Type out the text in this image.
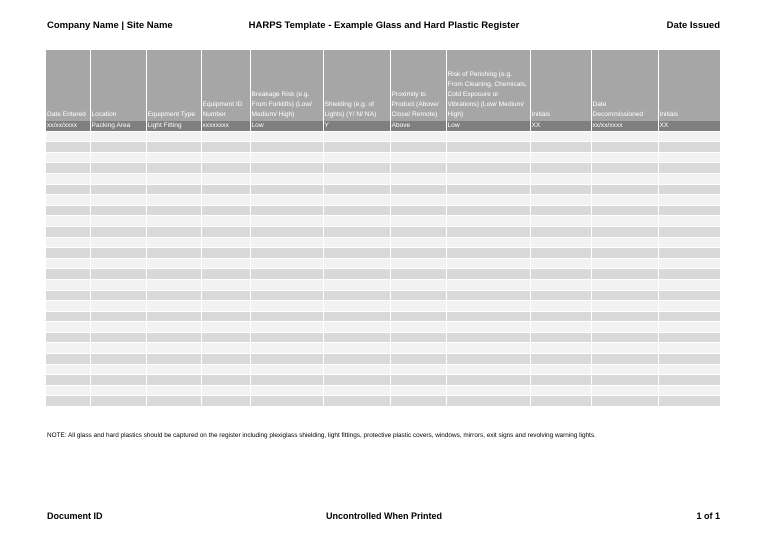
Company Name | Site Name	HARPS Template - Example Glass and Hard Plastic Register	Date Issued
Date Entered	Location	Equipment Type	Equipment ID Number	Breakage Risk (e.g. From Forklifts) (Low/ Medium/ High)	Shielding (e.g. of Lights) (Y/ N/ NA)	Proximity to Product (Above/ Close/ Remote)	Risk of Perishing (e.g. From Cleaning, Chemicals, Cold Exposure or Vibrations) (Low/ Medium/ High)	Initials	Date Decommissioned	Initials
xx/xx/xxxx	Packing Area	Light Fitting	xxxxxxxx	Low	Y	Above	Low	XX	xx/xx/xxxx	XX

NOTE: All glass and hard plastics should be captured on the register including plexiglass shielding, light fittings, protective plastic covers, windows, mirrors, exit signs and revolving warning lights.
Document ID	Uncontrolled When Printed	1 of 1
